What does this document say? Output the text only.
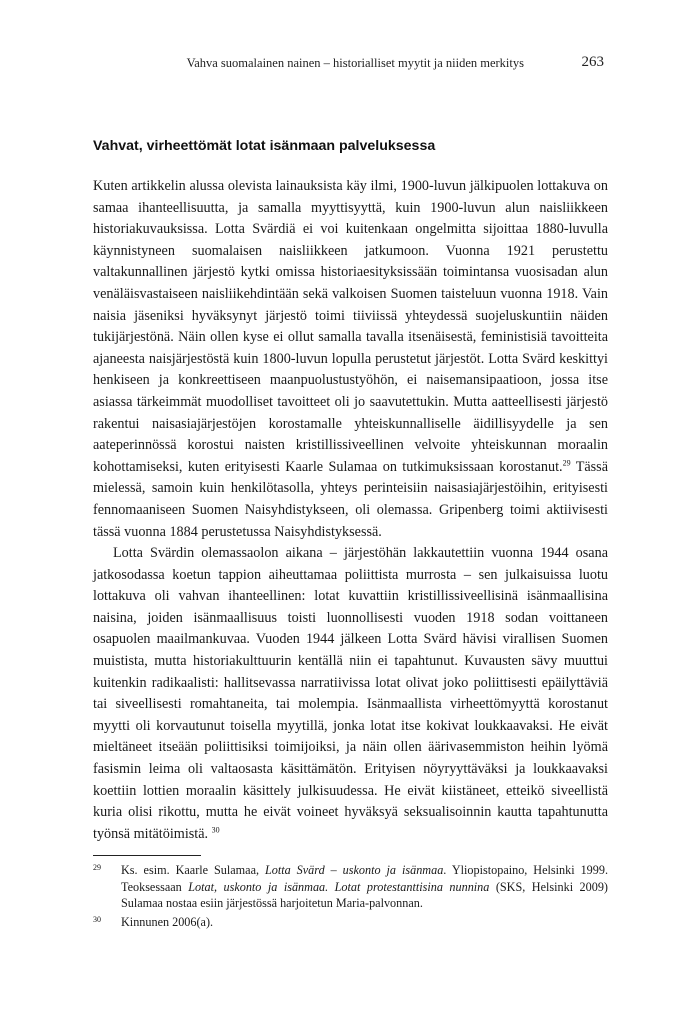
Vahva suomalainen nainen – historialliset myytit ja niiden merkitys	263
Vahvat, virheettömät lotat isänmaan palveluksessa

Kuten artikkelin alussa olevista lainauksista käy ilmi, 1900-luvun jälkipuolen lottakuva on samaa ihanteellisuutta, ja samalla myyttisyyttä, kuin 1900-luvun alun naisliikkeen historiakuvauksissa. Lotta Svärdiä ei voi kuitenkaan ongelmitta sijoittaa 1880-luvulla käynnistyneen suomalaisen naisliikkeen jatkumoon. Vuonna 1921 perustettu valtakunnallinen järjestö kytki omissa historiaesityksissään toimintansa vuosisadan alun venäläisvastaiseen naisliikehdintään sekä valkoisen Suomen taisteluun vuonna 1918. Vain naisia jäseniksi hyväksynyt järjestö toimi tiiviissä yhteydessä suojeluskuntiin näiden tukijärjestönä. Näin ollen kyse ei ollut samalla tavalla itsenäisestä, feministisiä tavoitteita ajaneesta naisjärjestöstä kuin 1800-luvun lopulla perustetut järjestöt. Lotta Svärd keskittyi henkiseen ja konkreettiseen maanpuolustustyöhön, ei naisemansipaatioon, jossa itse asiassa tärkeimmät muodolliset tavoitteet oli jo saavutettukin. Mutta aatteellisesti järjestö rakentui naisasiajärjestöjen korostamalle yhteiskunnalliselle äidillisyydelle ja sen aateperinnössä korostui naisten kristillissiveellinen velvoite yhteiskunnan moraalin kohottamiseksi, kuten erityisesti Kaarle Sulamaa on tutkimuksissaan korostanut.$^{29}$ Tässä mielessä, samoin kuin henkilötasolla, yhteys perinteisiin naisasiajärjestöihin, erityisesti fennomaaniseen Suomen Naisyhdistykseen, oli olemassa. Gripenberg toimi aktiivisesti tässä vuonna 1884 perustetussa Naisyhdistyksessä.

Lotta Svärdin olemassaolon aikana – järjestöhän lakkautettiin vuonna 1944 osana jatkosodassa koetun tappion aiheuttamaa poliittista murrosta – sen julkaisuissa luotu lottakuva oli vahvan ihanteellinen: lotat kuvattiin kristillissiveellisinä isänmaallisina naisina, joiden isänmaallisuus toisti luonnollisesti vuoden 1918 sodan voittaneen osapuolen maailmankuvaa. Vuoden 1944 jälkeen Lotta Svärd hävisi virallisen Suomen muistista, mutta historiakulttuurin kentällä niin ei tapahtunut. Kuvausten sävy muuttui kuitenkin radikaalisti: hallitsevassa narratiivissa lotat olivat joko poliittisesti epäilyttäviä tai siveellisesti romahtaneita, tai molempia. Isänmaallista virheettömyyttä korostanut myytti oli korvautunut toisella myytillä, jonka lotat itse kokivat loukkaavaksi. He eivät mieltäneet itseään poliittisiksi toimijoiksi, ja näin ollen äärivasemmiston heihin lyömä fasismin leima oli valtaosasta käsittämätön. Erityisen nöyryyttäväksi ja loukkaavaksi koettiin lottien moraalin käsittely julkisuudessa. He eivät kiistäneet, etteikö siveellistä kuria olisi rikottu, mutta he eivät voineet hyväksyä seksualisoinnin kautta tapahtunutta työnsä mitätöimistä. $^{30}$

29 Ks. esim. Kaarle Sulamaa, Lotta Svärd – uskonto ja isänmaa. Yliopistopaino, Helsinki 1999. Teoksessaan Lotat, uskonto ja isänmaa. Lotat protestanttisina nunnina (SKS, Helsinki 2009) Sulamaa nostaa esiin järjestössä harjoitetun Maria-palvonnan.
30 Kinnunen 2006(a).
